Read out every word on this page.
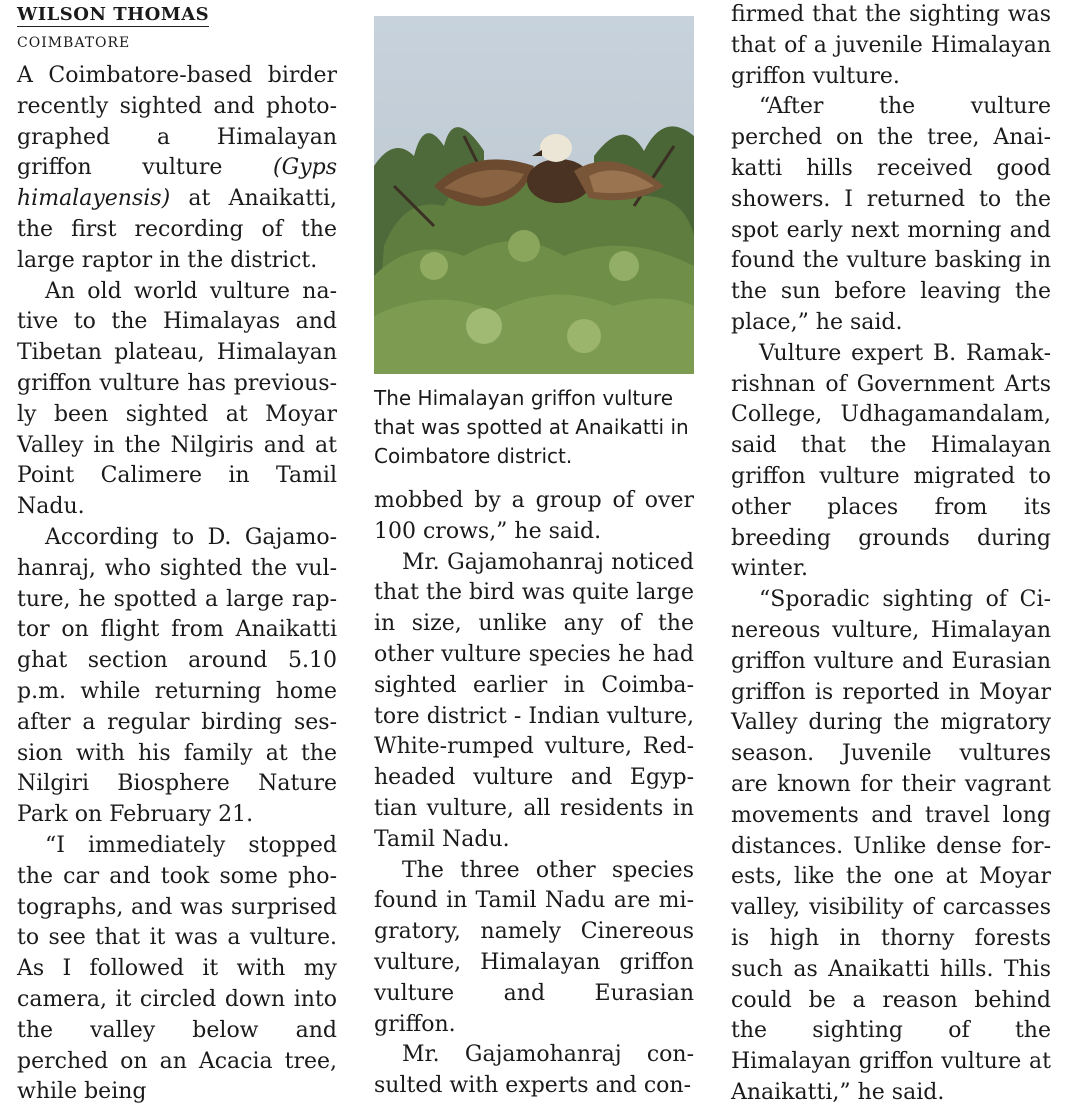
WILSON THOMAS
COIMBATORE

A Coimbatore-based birder recently sighted and photographed a Himalayan griffon vulture (Gyps himalayensis) at Anaikatti, the first recording of the large raptor in the district.

An old world vulture native to the Himalayas and Tibetan plateau, Himalayan griffon vulture has previously been sighted at Moyar Valley in the Nilgiris and at Point Calimere in Tamil Nadu.

According to D. Gajamohanraj, who sighted the vulture, he spotted a large raptor on flight from Anaikatti ghat section around 5.10 p.m. while returning home after a regular birding session with his family at the Nilgiri Biosphere Nature Park on February 21.

“I immediately stopped the car and took some photographs, and was surprised to see that it was a vulture. As I followed it with my camera, it circled down into the valley below and perched on an Acacia tree, while being

The Himalayan griffon vulture that was spotted at Anaikatti in Coimbatore district.

mobbed by a group of over 100 crows,” he said.

Mr. Gajamohanraj noticed that the bird was quite large in size, unlike any of the other vulture species he had sighted earlier in Coimbatore district - Indian vulture, White-rumped vulture, Redheaded vulture and Egyptian vulture, all residents in Tamil Nadu.

The three other species found in Tamil Nadu are migratory, namely Cinereous vulture, Himalayan griffon vulture and Eurasian griffon.

Mr. Gajamohanraj consulted with experts and con-

firmed that the sighting was that of a juvenile Himalayan griffon vulture.

“After the vulture perched on the tree, Anaikatti hills received good showers. I returned to the spot early next morning and found the vulture basking in the sun before leaving the place,” he said.

Vulture expert B. Ramakrishnan of Government Arts College, Udhagamandalam, said that the Himalayan griffon vulture migrated to other places from its breeding grounds during winter.

“Sporadic sighting of Cinereous vulture, Himalayan griffon vulture and Eurasian griffon is reported in Moyar Valley during the migratory season. Juvenile vultures are known for their vagrant movements and travel long distances. Unlike dense forests, like the one at Moyar valley, visibility of carcasses is high in thorny forests such as Anaikatti hills. This could be a reason behind the sighting of the Himalayan griffon vulture at Anaikatti,” he said.
